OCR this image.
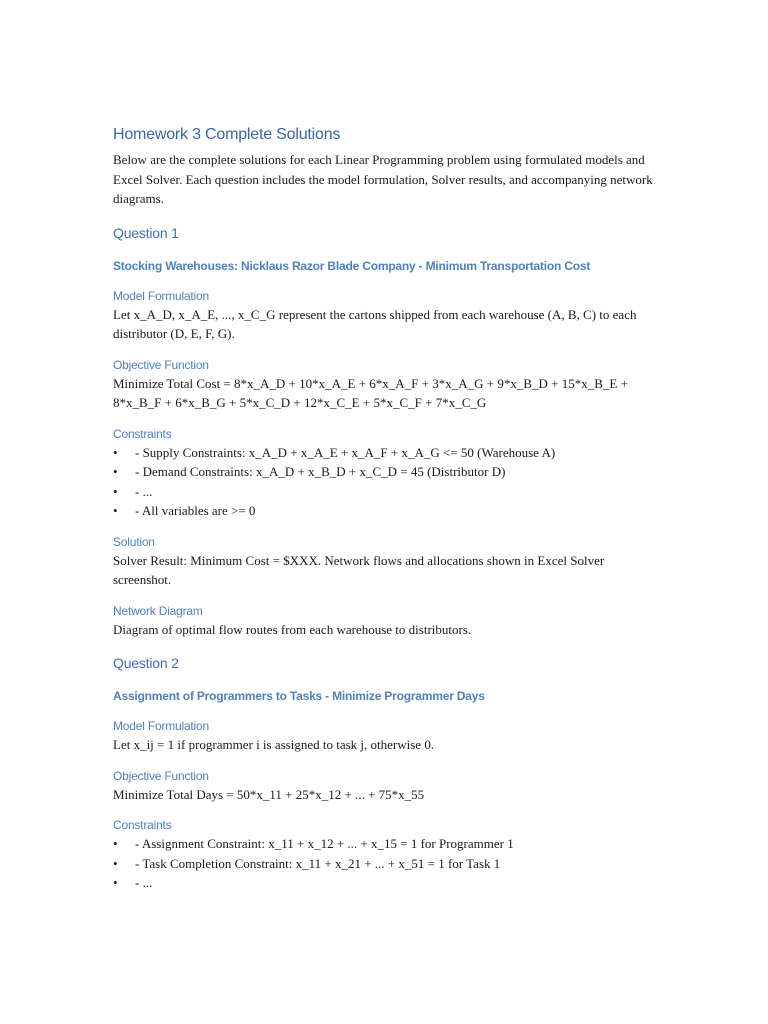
Homework 3 Complete Solutions

Below are the complete solutions for each Linear Programming problem using formulated models and Excel Solver. Each question includes the model formulation, Solver results, and accompanying network diagrams.

Question 1
Stocking Warehouses: Nicklaus Razor Blade Company - Minimum Transportation Cost
Model Formulation

Let x_A_D, x_A_E, ..., x_C_G represent the cartons shipped from each warehouse (A, B, C) to each distributor (D, E, F, G).

Objective Function

Minimize Total Cost = 8*x_A_D + 10*x_A_E + 6*x_A_F + 3*x_A_G + 9*x_B_D + 15*x_B_E + 8*x_B_F + 6*x_B_G + 5*x_C_D + 12*x_C_E + 5*x_C_F + 7*x_C_G

Constraints
• - Supply Constraints: x_A_D + x_A_E + x_A_F + x_A_G <= 50 (Warehouse A)
• - Demand Constraints: x_A_D + x_B_D + x_C_D = 45 (Distributor D)
• - ...
• - All variables are >= 0
Solution

Solver Result: Minimum Cost = $XXX. Network flows and allocations shown in Excel Solver screenshot.

Network Diagram

Diagram of optimal flow routes from each warehouse to distributors.

Question 2
Assignment of Programmers to Tasks - Minimize Programmer Days
Model Formulation

Let x_ij = 1 if programmer i is assigned to task j, otherwise 0.

Objective Function

Minimize Total Days = 50*x_11 + 25*x_12 + ... + 75*x_55

Constraints
• - Assignment Constraint: x_11 + x_12 + ... + x_15 = 1 for Programmer 1
• - Task Completion Constraint: x_11 + x_21 + ... + x_51 = 1 for Task 1
• - ...
